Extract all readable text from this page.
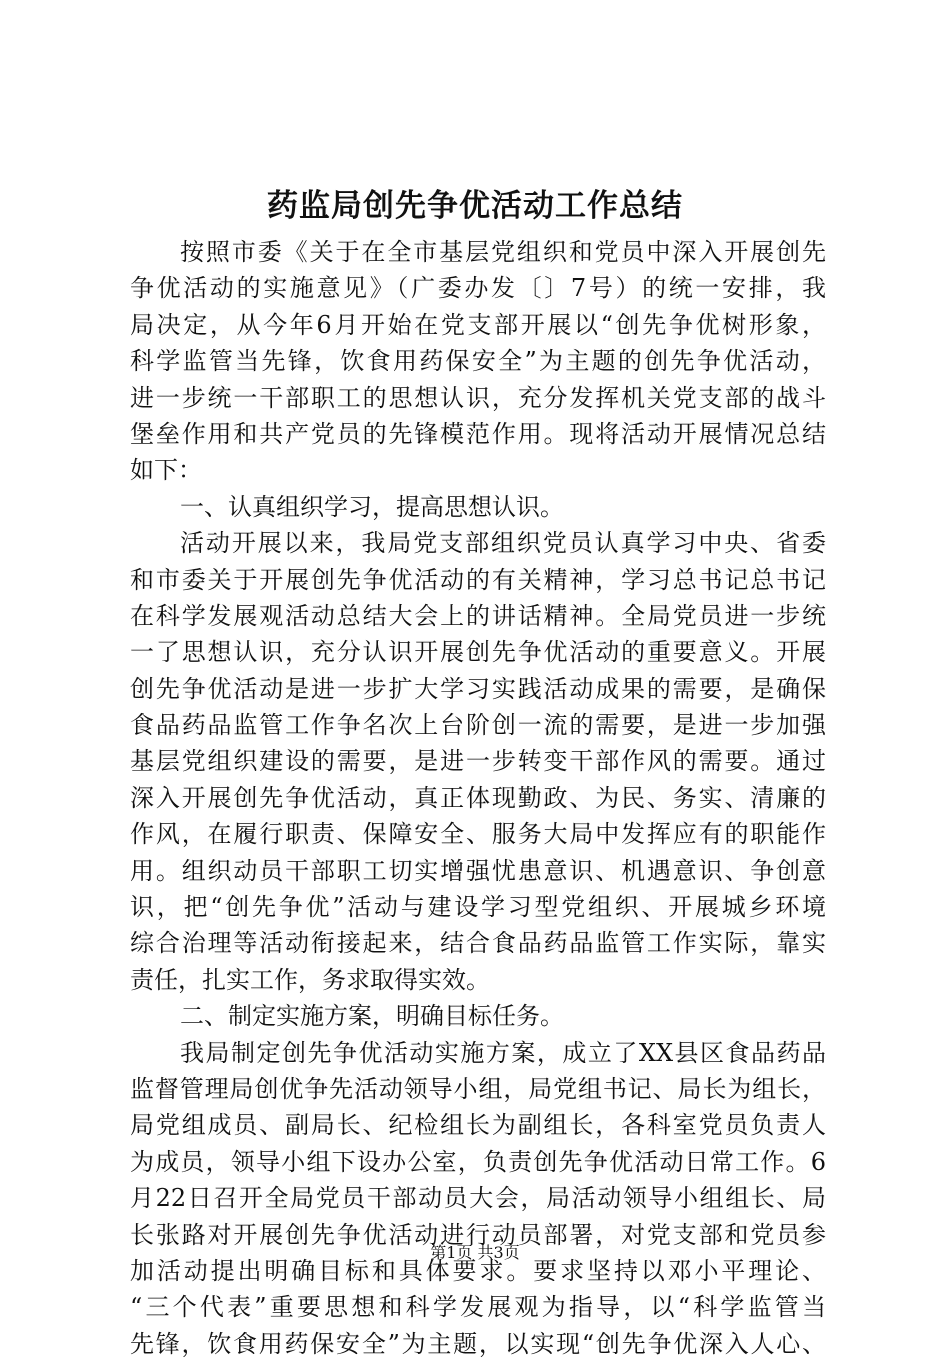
药监局创先争优活动工作总结
按照市委《关于在全市基层党组织和党员中深入开展创先
争优活动的实施意见》（广委办发〔〕7号）的统一安排，我
局决定，从今年6月开始在党支部开展以“创先争优树形象，
科学监管当先锋，饮食用药保安全”为主题的创先争优活动，
进一步统一干部职工的思想认识，充分发挥机关党支部的战斗
堡垒作用和共产党员的先锋模范作用。现将活动开展情况总结
如下：
一、认真组织学习，提高思想认识。
活动开展以来，我局党支部组织党员认真学习中央、省委
和市委关于开展创先争优活动的有关精神，学习总书记总书记
在科学发展观活动总结大会上的讲话精神。全局党员进一步统
一了思想认识，充分认识开展创先争优活动的重要意义。开展
创先争优活动是进一步扩大学习实践活动成果的需要，是确保
食品药品监管工作争名次上台阶创一流的需要，是进一步加强
基层党组织建设的需要，是进一步转变干部作风的需要。通过
深入开展创先争优活动，真正体现勤政、为民、务实、清廉的
作风，在履行职责、保障安全、服务大局中发挥应有的职能作
用。组织动员干部职工切实增强忧患意识、机遇意识、争创意
识，把“创先争优”活动与建设学习型党组织、开展城乡环境
综合治理等活动衔接起来，结合食品药品监管工作实际，靠实
责任，扎实工作，务求取得实效。
二、制定实施方案，明确目标任务。
我局制定创先争优活动实施方案，成立了XX县区食品药品
监督管理局创优争先活动领导小组，局党组书记、局长为组长，
局党组成员、副局长、纪检组长为副组长，各科室党员负责人
为成员，领导小组下设办公室，负责创先争优活动日常工作。6
月22日召开全局党员干部动员大会，局活动领导小组组长、局
长张路对开展创先争优活动进行动员部署，对党支部和党员参
加活动提出明确目标和具体要求。要求坚持以邓小平理论、
“三个代表”重要思想和科学发展观为指导，以“科学监管当
先锋，饮食用药保安全”为主题，以实现“创先争优深入人心、
第1页 共3页
